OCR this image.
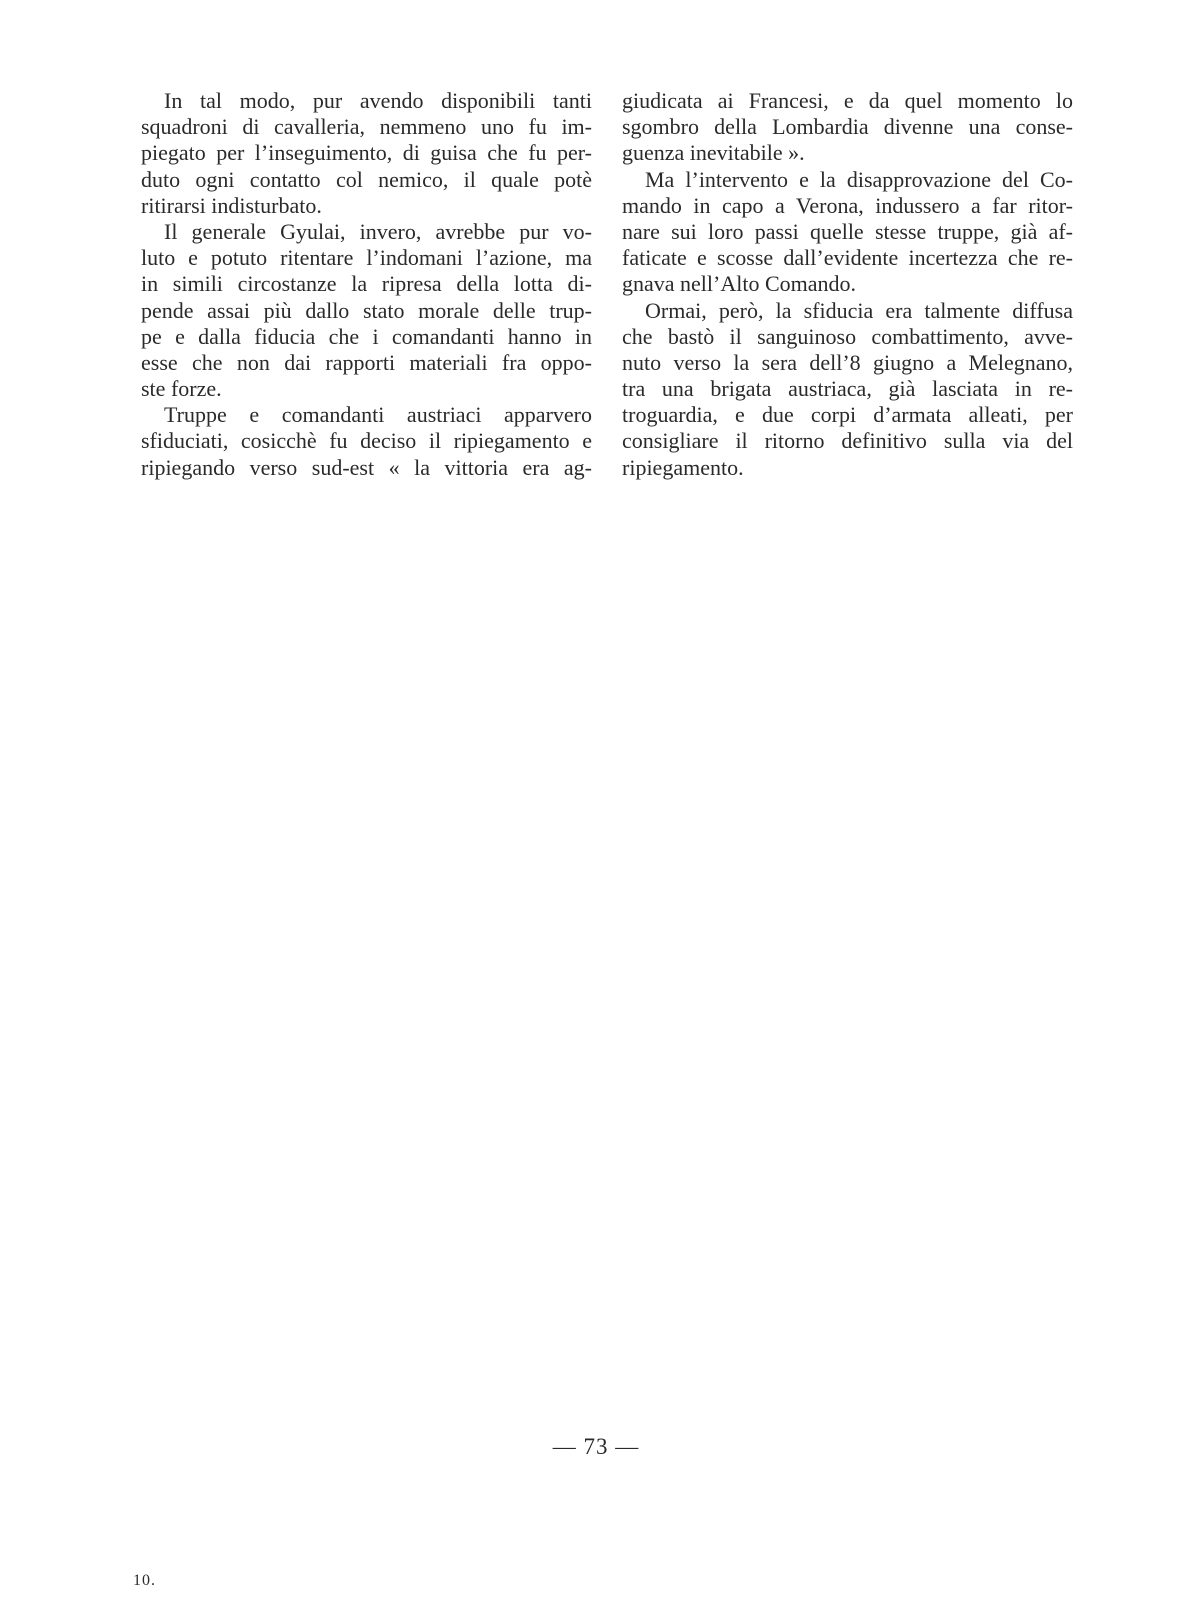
In tal modo, pur avendo disponibili tanti
squadroni di cavalleria, nemmeno uno fu im-
piegato per l’inseguimento, di guisa che fu per-
duto ogni contatto col nemico, il quale potè
ritirarsi indisturbato.
Il generale Gyulai, invero, avrebbe pur vo-
luto e potuto ritentare l’indomani l’azione, ma
in simili circostanze la ripresa della lotta di-
pende assai più dallo stato morale delle trup-
pe e dalla fiducia che i comandanti hanno in
esse che non dai rapporti materiali fra oppo-
ste forze.
Truppe e comandanti austriaci apparvero
sfiduciati, cosicchè fu deciso il ripiegamento e
ripiegando verso sud-est « la vittoria era ag-
giudicata ai Francesi, e da quel momento lo
sgombro della Lombardia divenne una conse-
guenza inevitabile ».
Ma l’intervento e la disapprovazione del Co-
mando in capo a Verona, indussero a far ritor-
nare sui loro passi quelle stesse truppe, già af-
faticate e scosse dall’evidente incertezza che re-
gnava nell’Alto Comando.
Ormai, però, la sfiducia era talmente diffusa
che bastò il sanguinoso combattimento, avve-
nuto verso la sera dell’8 giugno a Melegnano,
tra una brigata austriaca, già lasciata in re-
troguardia, e due corpi d’armata alleati, per
consigliare il ritorno definitivo sulla via del
ripiegamento.
— 73 —
10.
